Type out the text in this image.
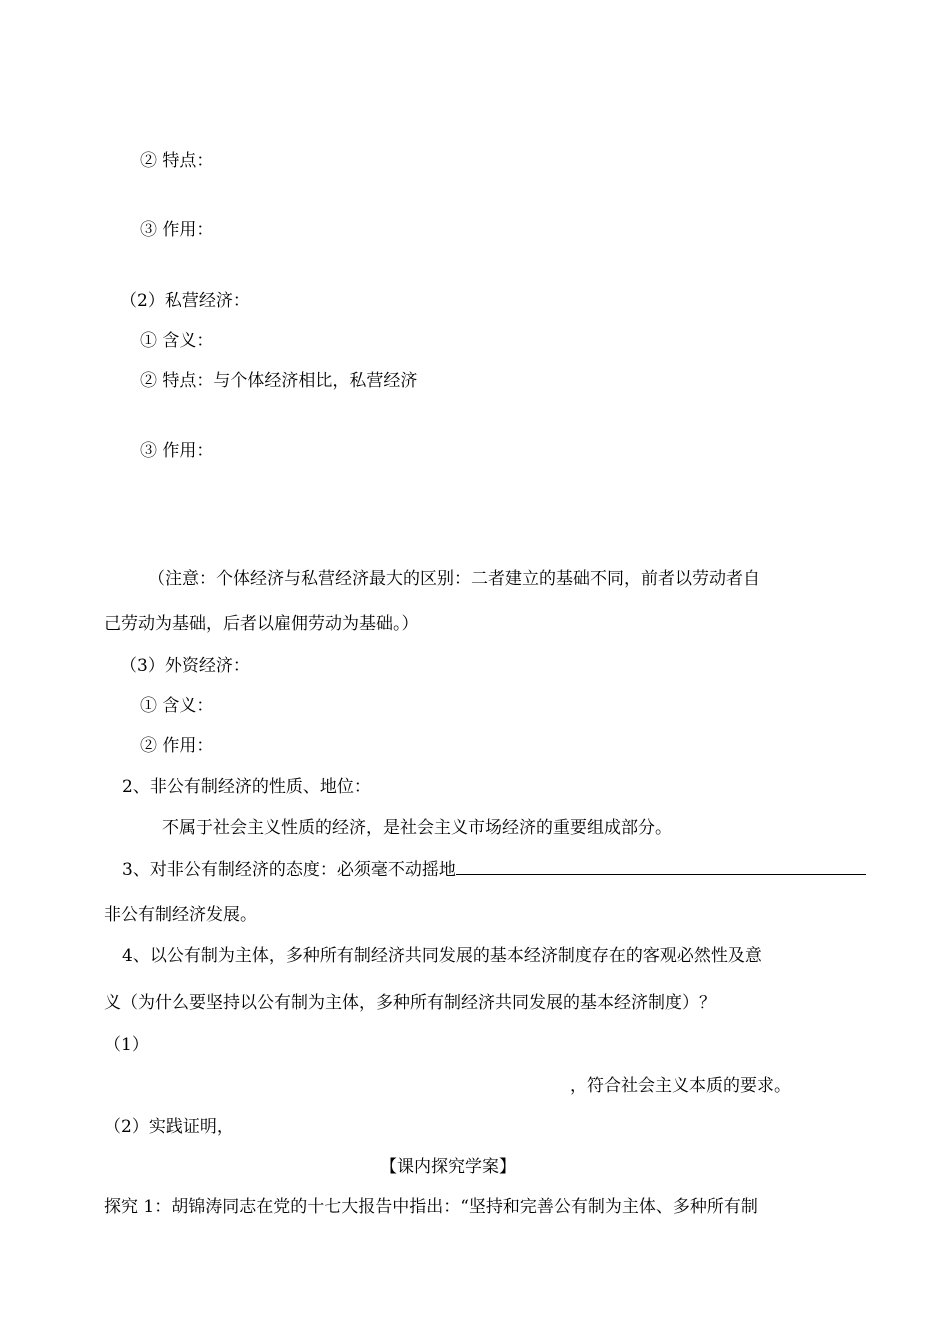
② 特点：
③ 作用：
（2）私营经济：
① 含义：
② 特点：与个体经济相比，私营经济
③ 作用：
（注意：个体经济与私营经济最大的区别：二者建立的基础不同，前者以劳动者自
己劳动为基础，后者以雇佣劳动为基础。）
（3）外资经济：
① 含义：
② 作用：
2、非公有制经济的性质、地位：
不属于社会主义性质的经济，是社会主义市场经济的重要组成部分。
3、对非公有制经济的态度：必须毫不动摇地
非公有制经济发展。
4、以公有制为主体，多种所有制经济共同发展的基本经济制度存在的客观必然性及意
义（为什么要坚持以公有制为主体，多种所有制经济共同发展的基本经济制度）？
（1）
，符合社会主义本质的要求。
（2）实践证明，
【课内探究学案】
探究 1：胡锦涛同志在党的十七大报告中指出：“坚持和完善公有制为主体、多种所有制
